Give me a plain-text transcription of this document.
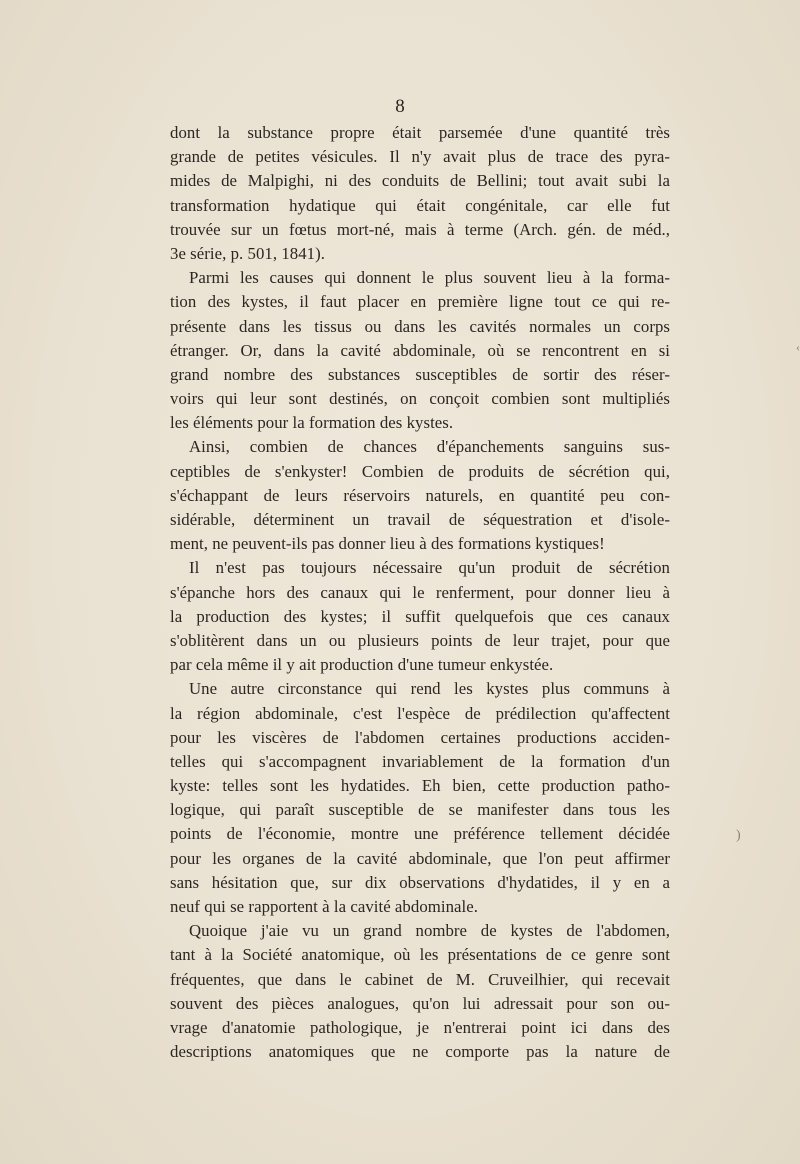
8
dont la substance propre était parsemée d'une quantité très
grande de petites vésicules. Il n'y avait plus de trace des pyra-
mides de Malpighi, ni des conduits de Bellini; tout avait subi la
transformation hydatique qui était congénitale, car elle fut
trouvée sur un fœtus mort-né, mais à terme (Arch. gén. de méd.,
3e série, p. 501, 1841).
Parmi les causes qui donnent le plus souvent lieu à la forma-
tion des kystes, il faut placer en première ligne tout ce qui re-
présente dans les tissus ou dans les cavités normales un corps
étranger. Or, dans la cavité abdominale, où se rencontrent en si
grand nombre des substances susceptibles de sortir des réser-
voirs qui leur sont destinés, on conçoit combien sont multipliés
les éléments pour la formation des kystes.
Ainsi, combien de chances d'épanchements sanguins sus-
ceptibles de s'enkyster! Combien de produits de sécrétion qui,
s'échappant de leurs réservoirs naturels, en quantité peu con-
sidérable, déterminent un travail de séquestration et d'isole-
ment, ne peuvent-ils pas donner lieu à des formations kystiques!
Il n'est pas toujours nécessaire qu'un produit de sécrétion
s'épanche hors des canaux qui le renferment, pour donner lieu à
la production des kystes; il suffit quelquefois que ces canaux
s'oblitèrent dans un ou plusieurs points de leur trajet, pour que
par cela même il y ait production d'une tumeur enkystée.
Une autre circonstance qui rend les kystes plus communs à
la région abdominale, c'est l'espèce de prédilection qu'affectent
pour les viscères de l'abdomen certaines productions acciden-
telles qui s'accompagnent invariablement de la formation d'un
kyste: telles sont les hydatides. Eh bien, cette production patho-
logique, qui paraît susceptible de se manifester dans tous les
points de l'économie, montre une préférence tellement décidée
pour les organes de la cavité abdominale, que l'on peut affirmer
sans hésitation que, sur dix observations d'hydatides, il y en a
neuf qui se rapportent à la cavité abdominale.
Quoique j'aie vu un grand nombre de kystes de l'abdomen,
tant à la Société anatomique, où les présentations de ce genre sont
fréquentes, que dans le cabinet de M. Cruveilhier, qui recevait
souvent des pièces analogues, qu'on lui adressait pour son ou-
vrage d'anatomie pathologique, je n'entrerai point ici dans des
descriptions anatomiques que ne comporte pas la nature de
‹
)
